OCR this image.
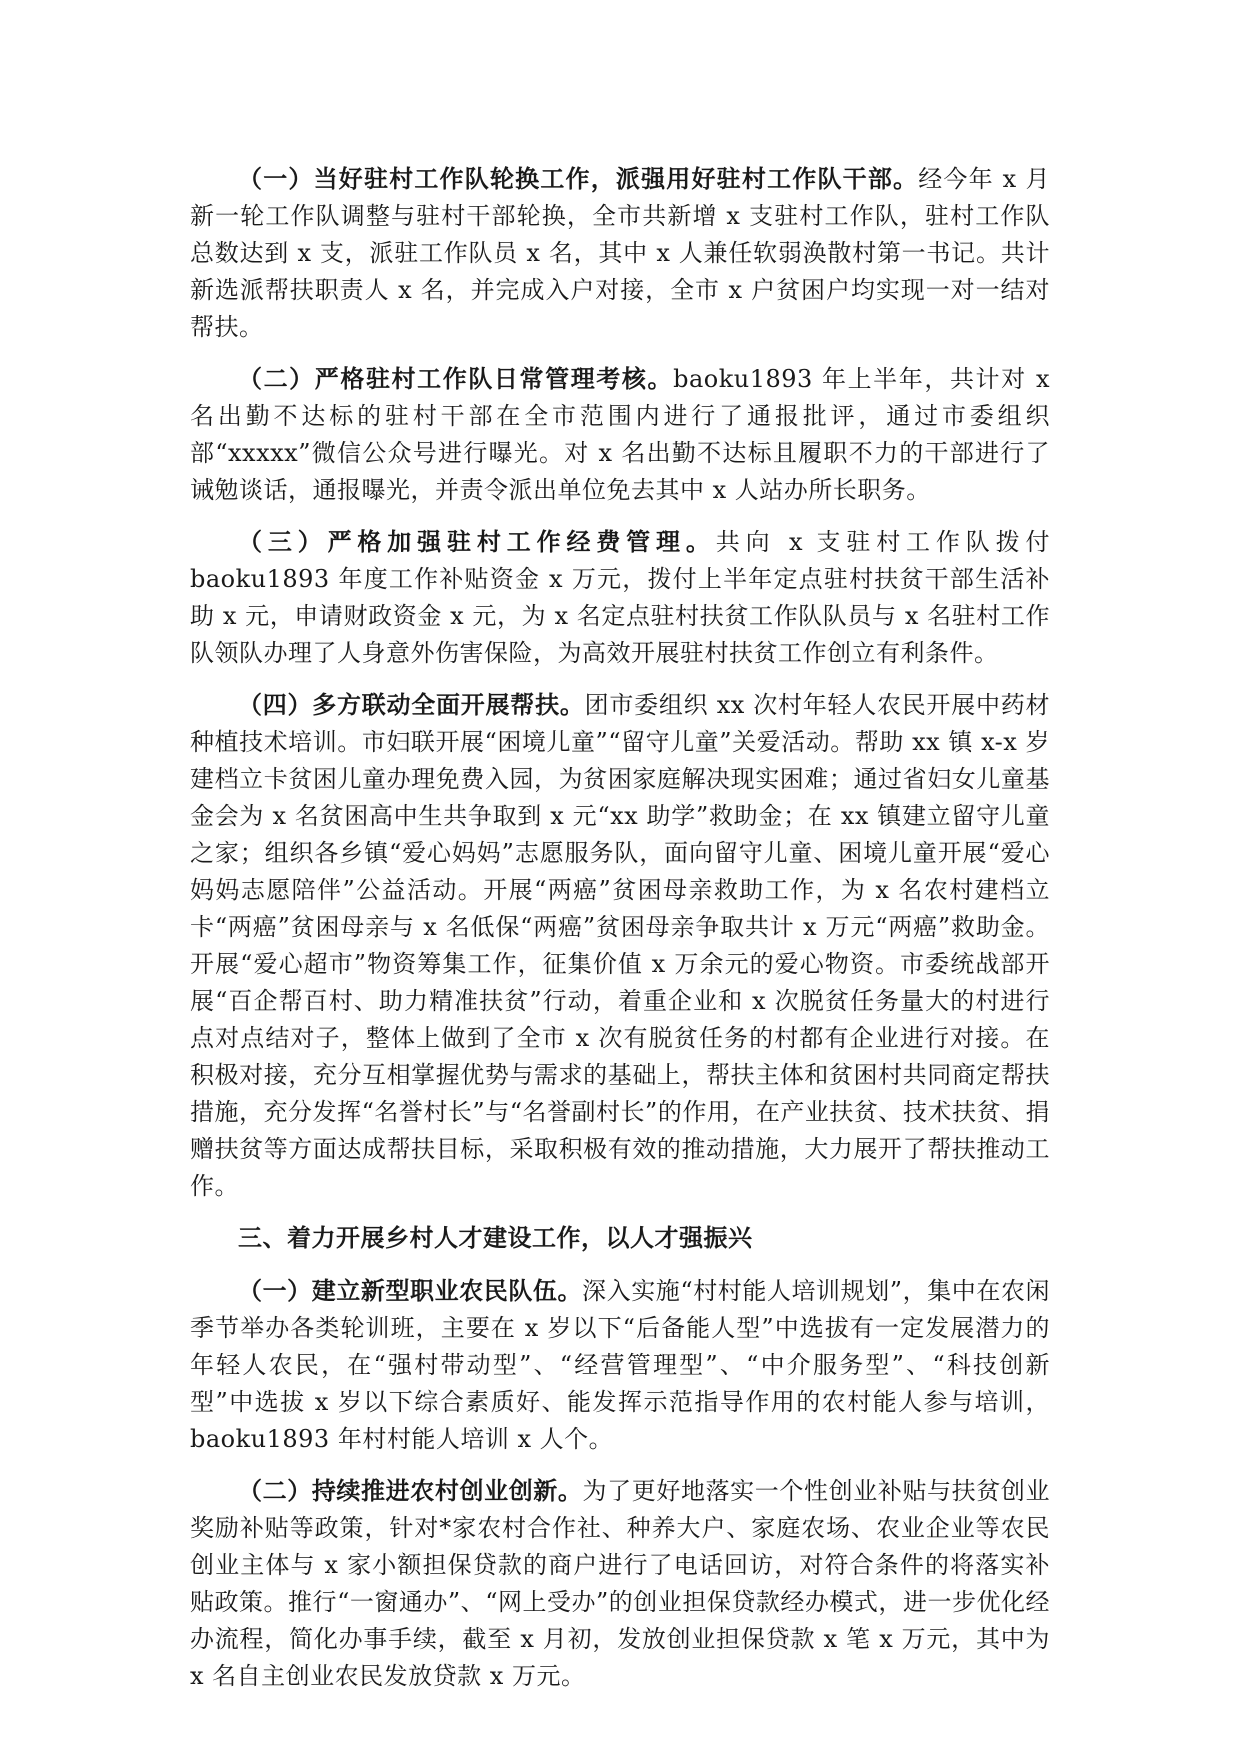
（一）当好驻村工作队轮换工作，派强用好驻村工作队干部。经今年 x 月新一轮工作队调整与驻村干部轮换，全市共新增 x 支驻村工作队，驻村工作队总数达到 x 支，派驻工作队员 x 名，其中 x 人兼任软弱涣散村第一书记。共计新选派帮扶职责人 x 名，并完成入户对接，全市 x 户贫困户均实现一对一结对帮扶。

（二）严格驻村工作队日常管理考核。baoku1893 年上半年，共计对 x 名出勤不达标的驻村干部在全市范围内进行了通报批评，通过市委组织部“xxxxx”微信公众号进行曝光。对 x 名出勤不达标且履职不力的干部进行了诫勉谈话，通报曝光，并责令派出单位免去其中 x 人站办所长职务。

（三）严格加强驻村工作经费管理。共向 x 支驻村工作队拨付 baoku1893 年度工作补贴资金 x 万元，拨付上半年定点驻村扶贫干部生活补助 x 元，申请财政资金 x 元，为 x 名定点驻村扶贫工作队队员与 x 名驻村工作队领队办理了人身意外伤害保险，为高效开展驻村扶贫工作创立有利条件。

（四）多方联动全面开展帮扶。团市委组织 xx 次村年轻人农民开展中药材种植技术培训。市妇联开展“困境儿童”“留守儿童”关爱活动。帮助 xx 镇 x-x 岁建档立卡贫困儿童办理免费入园，为贫困家庭解决现实困难；通过省妇女儿童基金会为 x 名贫困高中生共争取到 x 元“xx 助学”救助金；在 xx 镇建立留守儿童之家；组织各乡镇“爱心妈妈”志愿服务队，面向留守儿童、困境儿童开展“爱心妈妈志愿陪伴”公益活动。开展“两癌”贫困母亲救助工作，为 x 名农村建档立卡“两癌”贫困母亲与 x 名低保“两癌”贫困母亲争取共计 x 万元“两癌”救助金。开展“爱心超市”物资筹集工作，征集价值 x 万余元的爱心物资。市委统战部开展“百企帮百村、助力精准扶贫”行动，着重企业和 x 次脱贫任务量大的村进行点对点结对子，整体上做到了全市 x 次有脱贫任务的村都有企业进行对接。在积极对接，充分互相掌握优势与需求的基础上，帮扶主体和贫困村共同商定帮扶措施，充分发挥“名誉村长”与“名誉副村长”的作用，在产业扶贫、技术扶贫、捐赠扶贫等方面达成帮扶目标，采取积极有效的推动措施，大力展开了帮扶推动工作。

三、着力开展乡村人才建设工作，以人才强振兴

（一）建立新型职业农民队伍。深入实施“村村能人培训规划”，集中在农闲季节举办各类轮训班，主要在 x 岁以下“后备能人型”中选拔有一定发展潜力的年轻人农民，在“强村带动型”、“经营管理型”、“中介服务型”、“科技创新型”中选拔 x 岁以下综合素质好、能发挥示范指导作用的农村能人参与培训，baoku1893 年村村能人培训 x 人个。

（二）持续推进农村创业创新。为了更好地落实一个性创业补贴与扶贫创业奖励补贴等政策，针对*家农村合作社、种养大户、家庭农场、农业企业等农民创业主体与 x 家小额担保贷款的商户进行了电话回访，对符合条件的将落实补贴政策。推行“一窗通办”、“网上受办”的创业担保贷款经办模式，进一步优化经办流程，简化办事手续，截至 x 月初，发放创业担保贷款 x 笔 x 万元，其中为 x 名自主创业农民发放贷款 x 万元。
